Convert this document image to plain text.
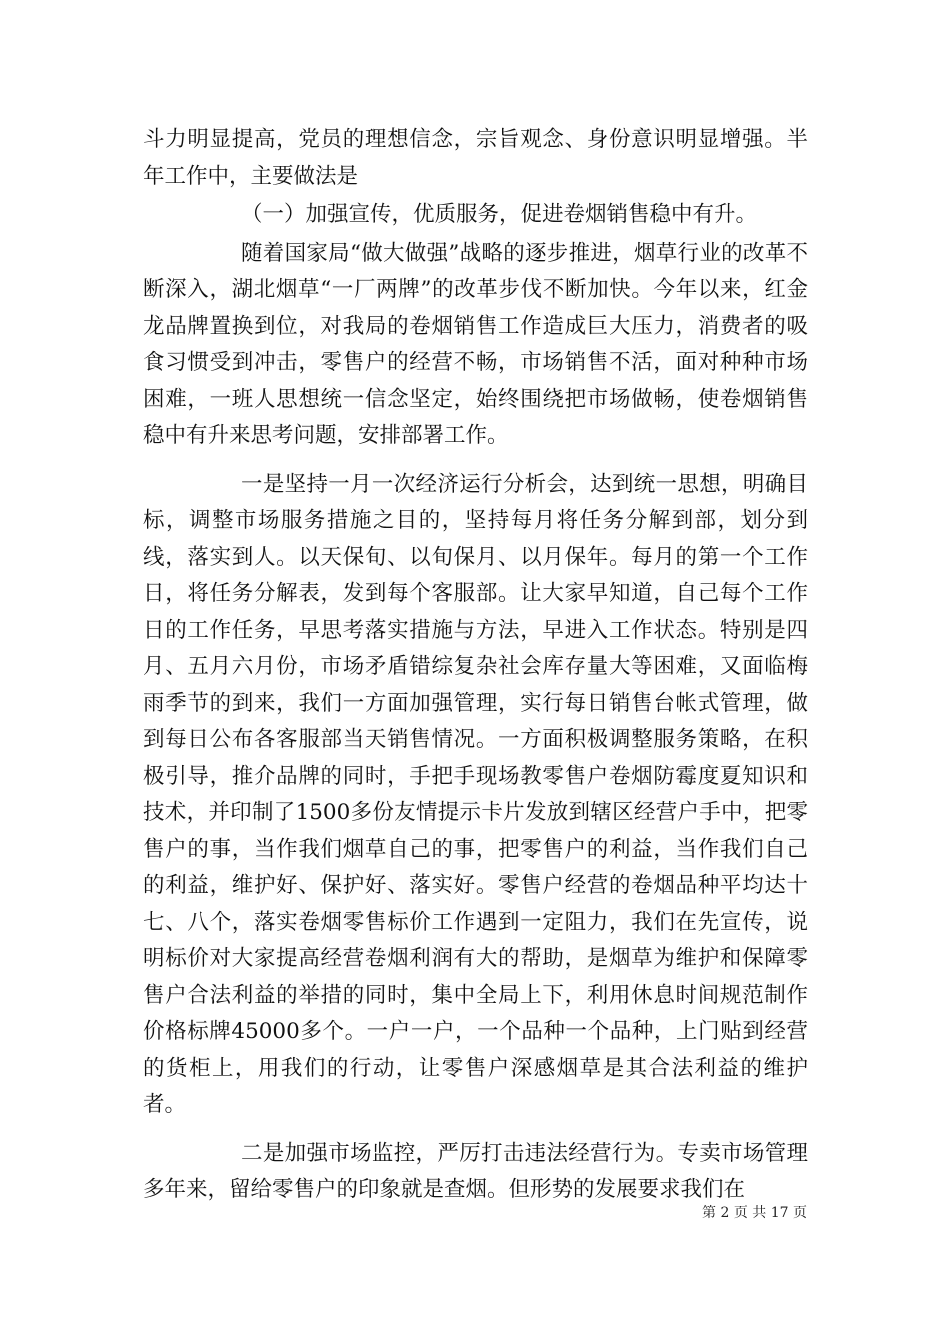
斗力明显提高，党员的理想信念，宗旨观念、身份意识明显增强。半年工作中，主要做法是

（一）加强宣传，优质服务，促进卷烟销售稳中有升。

随着国家局“做大做强”战略的逐步推进，烟草行业的改革不断深入，湖北烟草“一厂两牌”的改革步伐不断加快。今年以来，红金龙品牌置换到位，对我局的卷烟销售工作造成巨大压力，消费者的吸食习惯受到冲击，零售户的经营不畅，市场销售不活，面对种种市场困难，一班人思想统一信念坚定，始终围绕把市场做畅，使卷烟销售稳中有升来思考问题，安排部署工作。

一是坚持一月一次经济运行分析会，达到统一思想，明确目标，调整市场服务措施之目的，坚持每月将任务分解到部，划分到线，落实到人。以天保旬、以旬保月、以月保年。每月的第一个工作日，将任务分解表，发到每个客服部。让大家早知道，自己每个工作日的工作任务，早思考落实措施与方法，早进入工作状态。特别是四月、五月六月份，市场矛盾错综复杂社会库存量大等困难，又面临梅雨季节的到来，我们一方面加强管理，实行每日销售台帐式管理，做到每日公布各客服部当天销售情况。一方面积极调整服务策略，在积极引导，推介品牌的同时，手把手现场教零售户卷烟防霉度夏知识和技术，并印制了1500多份友情提示卡片发放到辖区经营户手中，把零售户的事，当作我们烟草自己的事，把零售户的利益，当作我们自己的利益，维护好、保护好、落实好。零售户经营的卷烟品种平均达十七、八个，落实卷烟零售标价工作遇到一定阻力，我们在先宣传，说明标价对大家提高经营卷烟利润有大的帮助，是烟草为维护和保障零售户合法利益的举措的同时，集中全局上下，利用休息时间规范制作价格标牌45000多个。一户一户，一个品种一个品种，上门贴到经营的货柜上，用我们的行动，让零售户深感烟草是其合法利益的维护者。

二是加强市场监控，严厉打击违法经营行为。专卖市场管理多年来，留给零售户的印象就是查烟。但形势的发展要求我们在

第 2 页 共 17 页
